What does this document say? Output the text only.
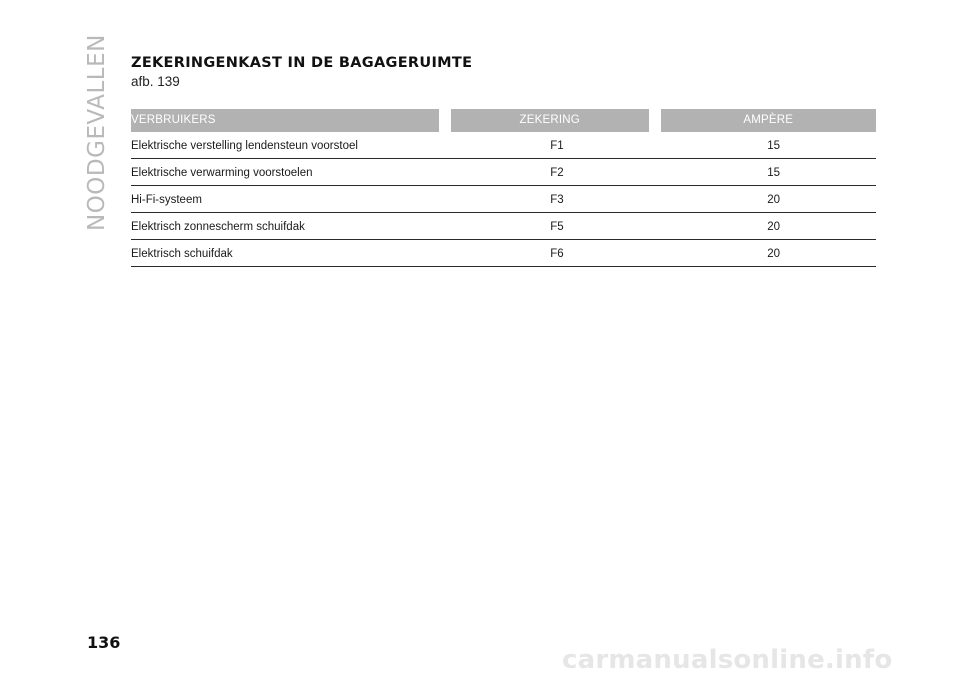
NOODGEVALLEN ZEKERINGENKAST IN DE BAGAGERUIMTE
afb. 139
VERBRUIKERS	ZEKERING	AMPÈRE
Elektrische verstelling lendensteun voorstoel	F1	15
Elektrische verwarming voorstoelen	F2	15
Hi-Fi-systeem	F3	20
Elektrisch zonnescherm schuifdak	F5	20
Elektrisch schuifdak	F6	20
136
carmanualsonline.info
